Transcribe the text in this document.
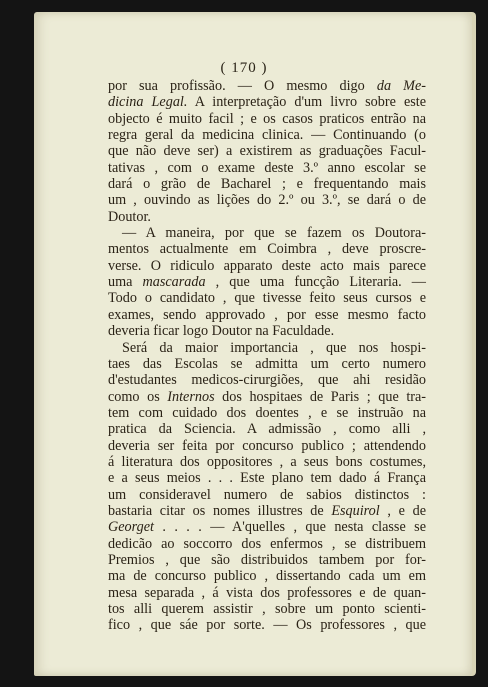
( 170 )
por sua profissão. — O mesmo digo da Me-
dicina Legal. A interpretação d'um livro sobre este
objecto é muito facil ; e os casos praticos entrão na
regra geral da medicina clinica. — Continuando (o
que não deve ser) a existirem as graduações Facul-
tativas , com o exame deste 3.º anno escolar se
dará o grão de Bacharel ; e frequentando mais
um , ouvindo as lições do 2.º ou 3.º, se dará o de
Doutor.
— A maneira, por que se fazem os Doutora-
mentos actualmente em Coimbra , deve proscre-
verse. O ridiculo apparato deste acto mais parece
uma mascarada , que uma funcção Literaria. —
Todo o candidato , que tivesse feito seus cursos e
exames, sendo approvado , por esse mesmo facto
deveria ficar logo Doutor na Faculdade.
Será da maior importancia , que nos hospi-
taes das Escolas se admitta um certo numero
d'estudantes medicos-cirurgiões, que ahi residão
como os Internos dos hospitaes de Paris ; que tra-
tem com cuidado dos doentes , e se instruão na
pratica da Sciencia. A admissão , como alli ,
deveria ser feita por concurso publico ; attendendo
á literatura dos oppositores , a seus bons costumes,
e a seus meios . . . Este plano tem dado á França
um consideravel numero de sabios distinctos :
bastaria citar os nomes illustres de Esquirol , e de
Georget . . . . — A'quelles , que nesta classe se
dedicão ao soccorro dos enfermos , se distribuem
Premios , que são distribuidos tambem por for-
ma de concurso publico , dissertando cada um em
mesa separada , á vista dos professores e de quan-
tos alli querem assistir , sobre um ponto scienti-
fico , que sáe por sorte. — Os professores , que
